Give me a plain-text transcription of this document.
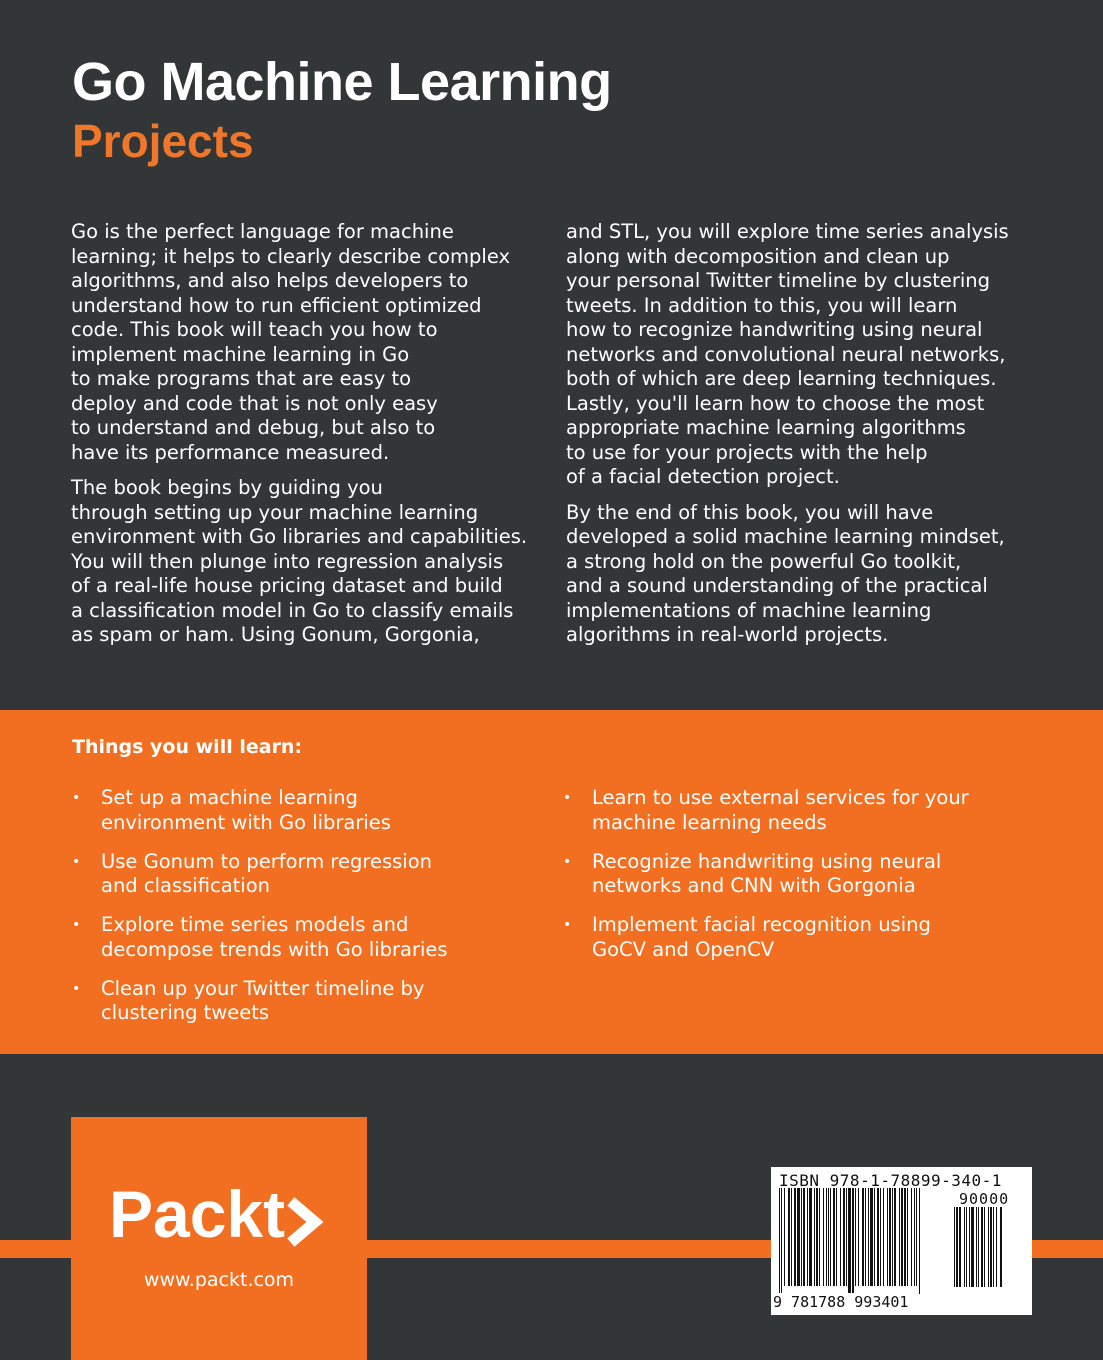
Go Machine Learning
Projects

Go is the perfect language for machine
learning; it helps to clearly describe complex
algorithms, and also helps developers to
understand how to run efficient optimized
code. This book will teach you how to
implement machine learning in Go
to make programs that are easy to
deploy and code that is not only easy
to understand and debug, but also to
have its performance measured.

The book begins by guiding you
through setting up your machine learning
environment with Go libraries and capabilities.
You will then plunge into regression analysis
of a real-life house pricing dataset and build
a classification model in Go to classify emails
as spam or ham. Using Gonum, Gorgonia,

and STL, you will explore time series analysis
along with decomposition and clean up
your personal Twitter timeline by clustering
tweets. In addition to this, you will learn
how to recognize handwriting using neural
networks and convolutional neural networks,
both of which are deep learning techniques.
Lastly, you'll learn how to choose the most
appropriate machine learning algorithms
to use for your projects with the help
of a facial detection project.

By the end of this book, you will have
developed a solid machine learning mindset,
a strong hold on the powerful Go toolkit,
and a sound understanding of the practical
implementations of machine learning
algorithms in real-world projects.

Things you will learn:
• Set up a machine learning
environment with Go libraries
• Use Gonum to perform regression
and classification
• Explore time series models and
decompose trends with Go libraries
• Clean up your Twitter timeline by
clustering tweets
• Learn to use external services for your
machine learning needs
• Recognize handwriting using neural
networks and CNN with Gorgonia
• Implement facial recognition using
GoCV and OpenCV
Packt
www.packt.com
ISBN 978-1-78899-340-1
90000
9 781788 993401
